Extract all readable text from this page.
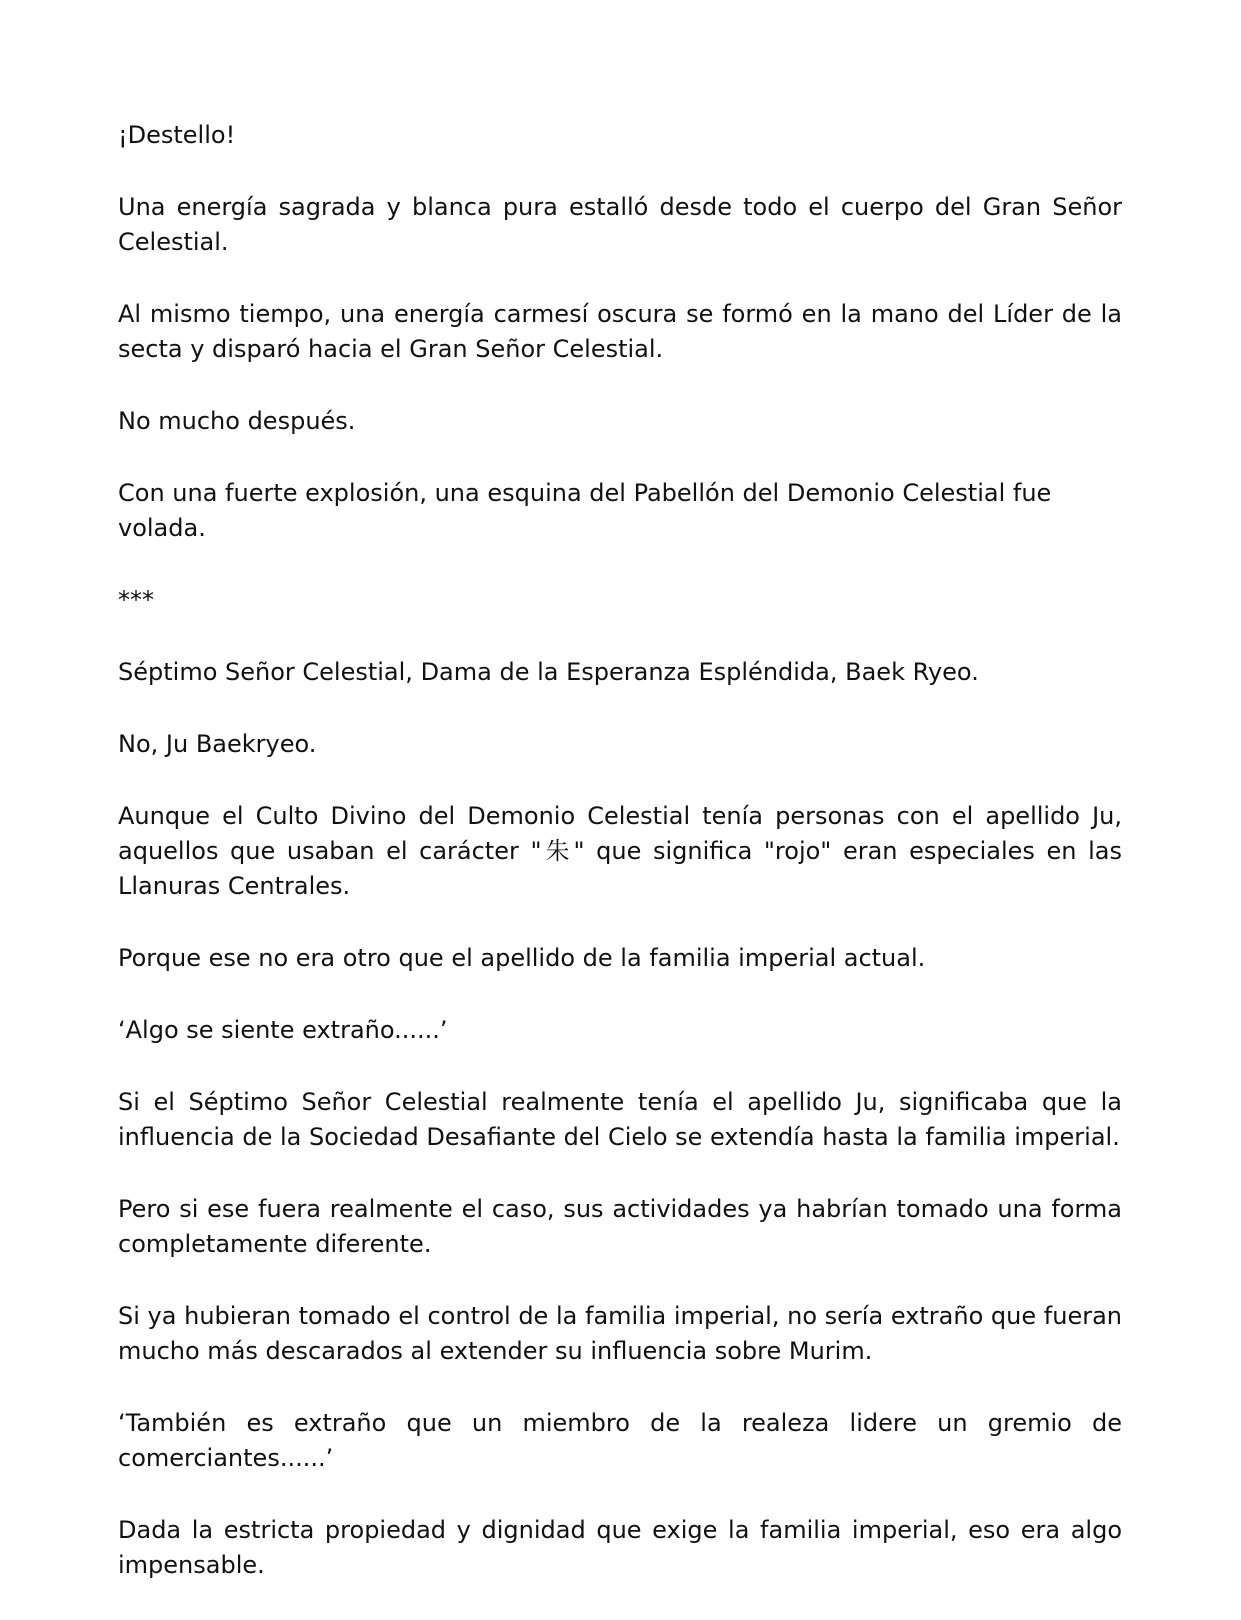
¡Destello!

Una energía sagrada y blanca pura estalló desde todo el cuerpo del Gran Señor Celestial.

Al mismo tiempo, una energía carmesí oscura se formó en la mano del Líder de la secta y disparó hacia el Gran Señor Celestial.

No mucho después.

Con una fuerte explosión, una esquina del Pabellón del Demonio Celestial fue volada.

***

Séptimo Señor Celestial, Dama de la Esperanza Espléndida, Baek Ryeo.

No, Ju Baekryeo.

Aunque el Culto Divino del Demonio Celestial tenía personas con el apellido Ju, aquellos que usaban el carácter "朱" que significa "rojo" eran especiales en las Llanuras Centrales.

Porque ese no era otro que el apellido de la familia imperial actual.

‘Algo se siente extraño......’

Si el Séptimo Señor Celestial realmente tenía el apellido Ju, significaba que la influencia de la Sociedad Desafiante del Cielo se extendía hasta la familia imperial.

Pero si ese fuera realmente el caso, sus actividades ya habrían tomado una forma completamente diferente.

Si ya hubieran tomado el control de la familia imperial, no sería extraño que fueran mucho más descarados al extender su influencia sobre Murim.

‘También es extraño que un miembro de la realeza lidere un gremio de comerciantes......’

Dada la estricta propiedad y dignidad que exige la familia imperial, eso era algo impensable.
